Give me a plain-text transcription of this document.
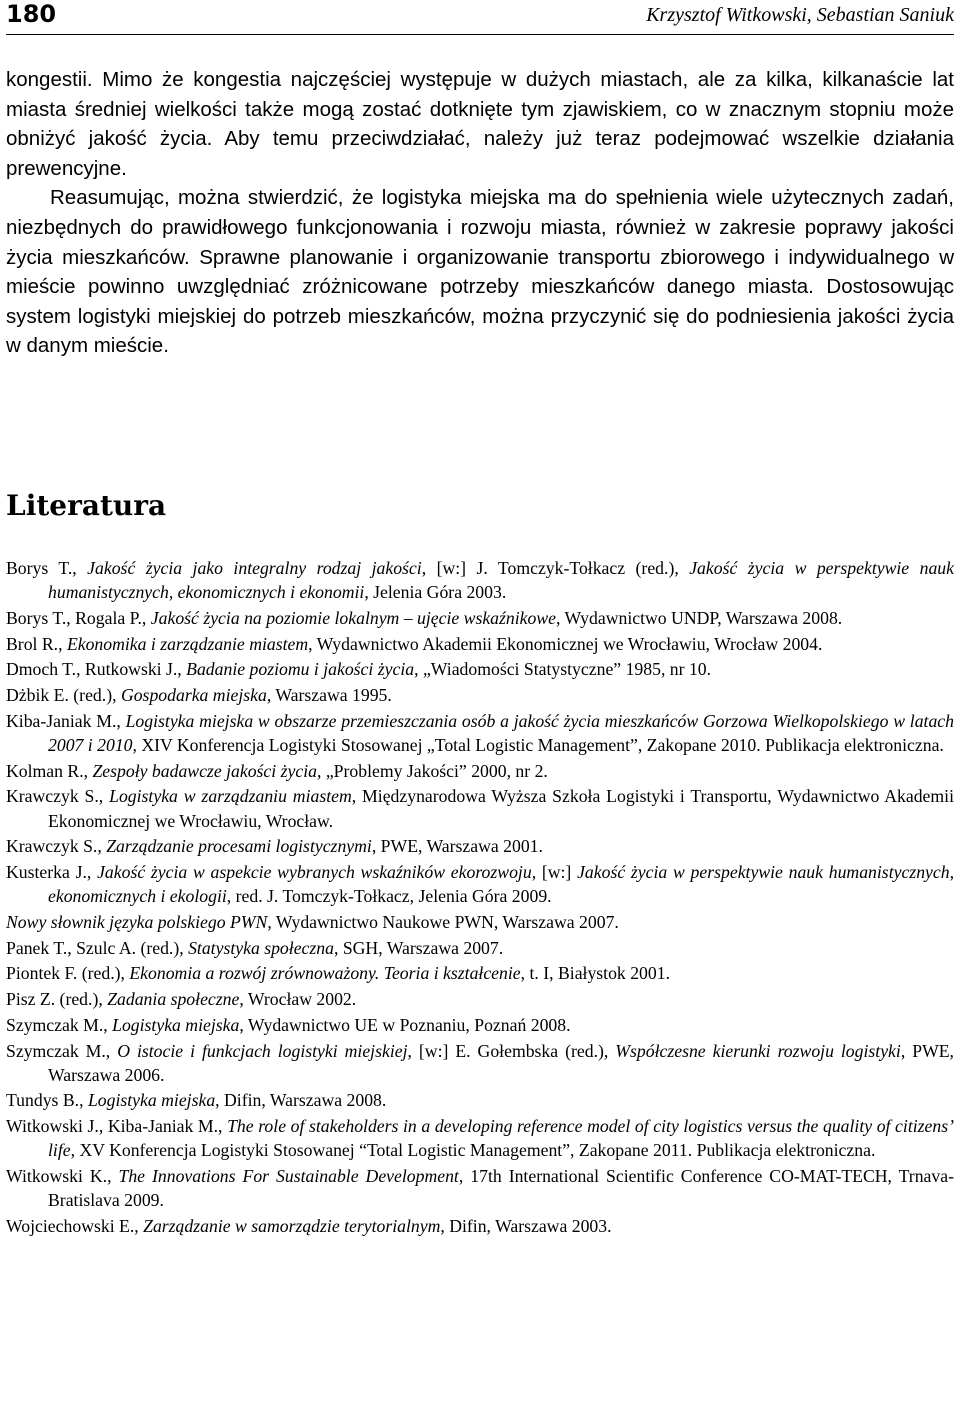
180	Krzysztof Witkowski, Sebastian Saniuk

kongestii. Mimo że kongestia najczęściej występuje w dużych miastach, ale za kilka, kilkanaście lat miasta średniej wielkości także mogą zostać dotknięte tym zjawiskiem, co w znacznym stopniu może obniżyć jakość życia. Aby temu przeciwdziałać, należy już teraz podejmować wszelkie działania prewencyjne.

Reasumując, można stwierdzić, że logistyka miejska ma do spełnienia wiele użytecznych zadań, niezbędnych do prawidłowego funkcjonowania i rozwoju miasta, również w zakresie poprawy jakości życia mieszkańców. Sprawne planowanie i organizowanie transportu zbiorowego i indywidualnego w mieście powinno uwzględniać zróżnicowane potrzeby mieszkańców danego miasta. Dostosowując system logistyki miejskiej do potrzeb mieszkańców, można przyczynić się do podniesienia jakości życia w danym mieście.

Literatura
Borys T., Jakość życia jako integralny rodzaj jakości, [w:] J. Tomczyk-Tołkacz (red.), Jakość życia w perspektywie nauk humanistycznych, ekonomicznych i ekonomii, Jelenia Góra 2003.
Borys T., Rogala P., Jakość życia na poziomie lokalnym – ujęcie wskaźnikowe, Wydawnictwo UNDP, Warszawa 2008.
Brol R., Ekonomika i zarządzanie miastem, Wydawnictwo Akademii Ekonomicznej we Wrocławiu, Wrocław 2004.
Dmoch T., Rutkowski J., Badanie poziomu i jakości życia, „Wiadomości Statystyczne” 1985, nr 10.
Dżbik E. (red.), Gospodarka miejska, Warszawa 1995.
Kiba-Janiak M., Logistyka miejska w obszarze przemieszczania osób a jakość życia mieszkańców Gorzowa Wielkopolskiego w latach 2007 i 2010, XIV Konferencja Logistyki Stosowanej „Total Logistic Management”, Zakopane 2010. Publikacja elektroniczna.
Kolman R., Zespoły badawcze jakości życia, „Problemy Jakości” 2000, nr 2.
Krawczyk S., Logistyka w zarządzaniu miastem, Międzynarodowa Wyższa Szkoła Logistyki i Transportu, Wydawnictwo Akademii Ekonomicznej we Wrocławiu, Wrocław.
Krawczyk S., Zarządzanie procesami logistycznymi, PWE, Warszawa 2001.
Kusterka J., Jakość życia w aspekcie wybranych wskaźników ekorozwoju, [w:] Jakość życia w perspektywie nauk humanistycznych, ekonomicznych i ekologii, red. J. Tomczyk-Tołkacz, Jelenia Góra 2009.
Nowy słownik języka polskiego PWN, Wydawnictwo Naukowe PWN, Warszawa 2007.
Panek T., Szulc A. (red.), Statystyka społeczna, SGH, Warszawa 2007.
Piontek F. (red.), Ekonomia a rozwój zrównoważony. Teoria i kształcenie, t. I, Białystok 2001.
Pisz Z. (red.), Zadania społeczne, Wrocław 2002.
Szymczak M., Logistyka miejska, Wydawnictwo UE w Poznaniu, Poznań 2008.
Szymczak M., O istocie i funkcjach logistyki miejskiej, [w:] E. Gołembska (red.), Współczesne kierunki rozwoju logistyki, PWE, Warszawa 2006.
Tundys B., Logistyka miejska, Difin, Warszawa 2008.
Witkowski J., Kiba-Janiak M., The role of stakeholders in a developing reference model of city logistics versus the quality of citizens’ life, XV Konferencja Logistyki Stosowanej “Total Logistic Management”, Zakopane 2011. Publikacja elektroniczna.
Witkowski K., The Innovations For Sustainable Development, 17th International Scientific Conference CO-MAT-TECH, Trnava-Bratislava 2009.
Wojciechowski E., Zarządzanie w samorządzie terytorialnym, Difin, Warszawa 2003.
